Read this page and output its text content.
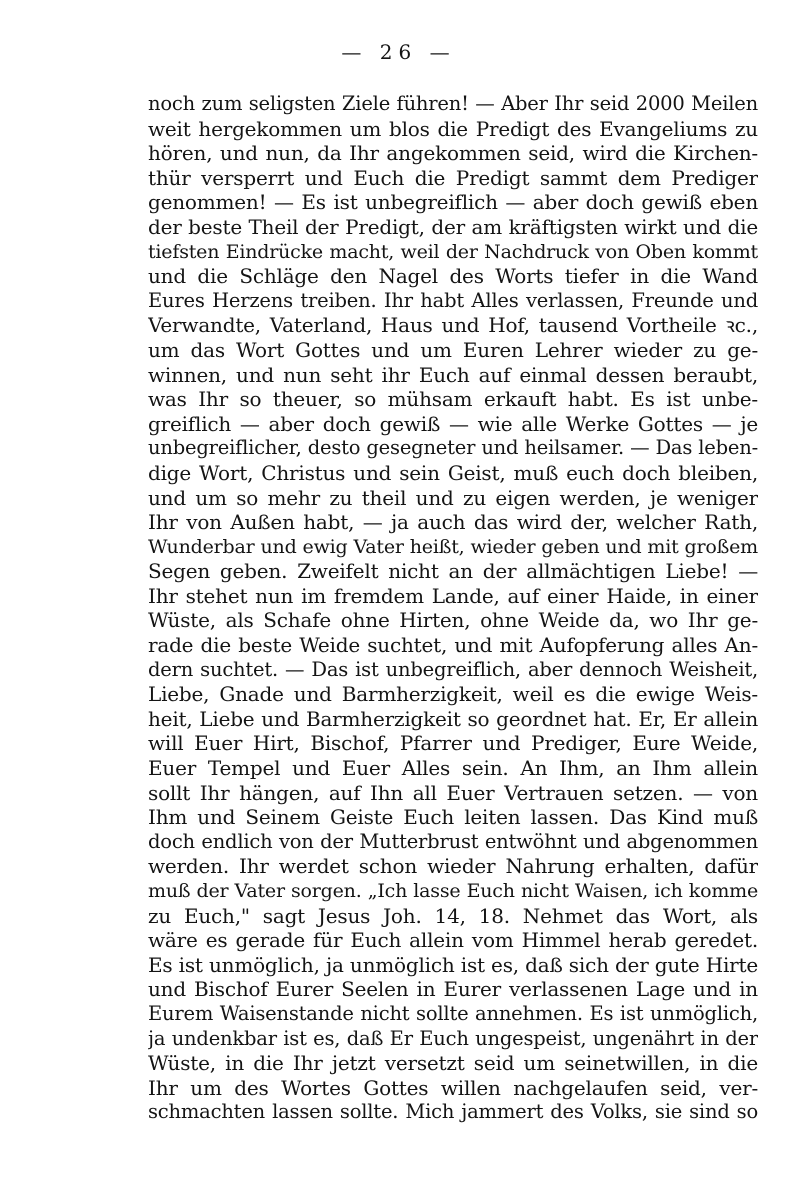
— 26 —
noch zum seligsten Ziele führen! — Aber Ihr seid 2000 Meilen
weit hergekommen um blos die Predigt des Evangeliums zu
hören, und nun, da Ihr angekommen seid, wird die Kirchen-
thür versperrt und Euch die Predigt sammt dem Prediger
genommen! — Es ist unbegreiflich — aber doch gewiß eben
der beste Theil der Predigt, der am kräftigsten wirkt und die
tiefsten Eindrücke macht, weil der Nachdruck von Oben kommt
und die Schläge den Nagel des Worts tiefer in die Wand
Eures Herzens treiben. Ihr habt Alles verlassen, Freunde und
Verwandte, Vaterland, Haus und Hof, tausend Vortheile ꝛc.,
um das Wort Gottes und um Euren Lehrer wieder zu ge-
winnen, und nun seht ihr Euch auf einmal dessen beraubt,
was Ihr so theuer, so mühsam erkauft habt. Es ist unbe-
greiflich — aber doch gewiß — wie alle Werke Gottes — je
unbegreiflicher, desto gesegneter und heilsamer. — Das leben-
dige Wort, Christus und sein Geist, muß euch doch bleiben,
und um so mehr zu theil und zu eigen werden, je weniger
Ihr von Außen habt, — ja auch das wird der, welcher Rath,
Wunderbar und ewig Vater heißt, wieder geben und mit großem
Segen geben. Zweifelt nicht an der allmächtigen Liebe! —
Ihr stehet nun im fremdem Lande, auf einer Haide, in einer
Wüste, als Schafe ohne Hirten, ohne Weide da, wo Ihr ge-
rade die beste Weide suchtet, und mit Aufopferung alles An-
dern suchtet. — Das ist unbegreiflich, aber dennoch Weisheit,
Liebe, Gnade und Barmherzigkeit, weil es die ewige Weis-
heit, Liebe und Barmherzigkeit so geordnet hat. Er, Er allein
will Euer Hirt, Bischof, Pfarrer und Prediger, Eure Weide,
Euer Tempel und Euer Alles sein. An Ihm, an Ihm allein
sollt Ihr hängen, auf Ihn all Euer Vertrauen setzen. — von
Ihm und Seinem Geiste Euch leiten lassen. Das Kind muß
doch endlich von der Mutterbrust entwöhnt und abgenommen
werden. Ihr werdet schon wieder Nahrung erhalten, dafür
muß der Vater sorgen. „Ich lasse Euch nicht Waisen, ich komme
zu Euch," sagt Jesus Joh. 14, 18. Nehmet das Wort, als
wäre es gerade für Euch allein vom Himmel herab geredet.
Es ist unmöglich, ja unmöglich ist es, daß sich der gute Hirte
und Bischof Eurer Seelen in Eurer verlassenen Lage und in
Eurem Waisenstande nicht sollte annehmen. Es ist unmöglich,
ja undenkbar ist es, daß Er Euch ungespeist, ungenährt in der
Wüste, in die Ihr jetzt versetzt seid um seinetwillen, in die
Ihr um des Wortes Gottes willen nachgelaufen seid, ver-
schmachten lassen sollte. Mich jammert des Volks, sie sind so
